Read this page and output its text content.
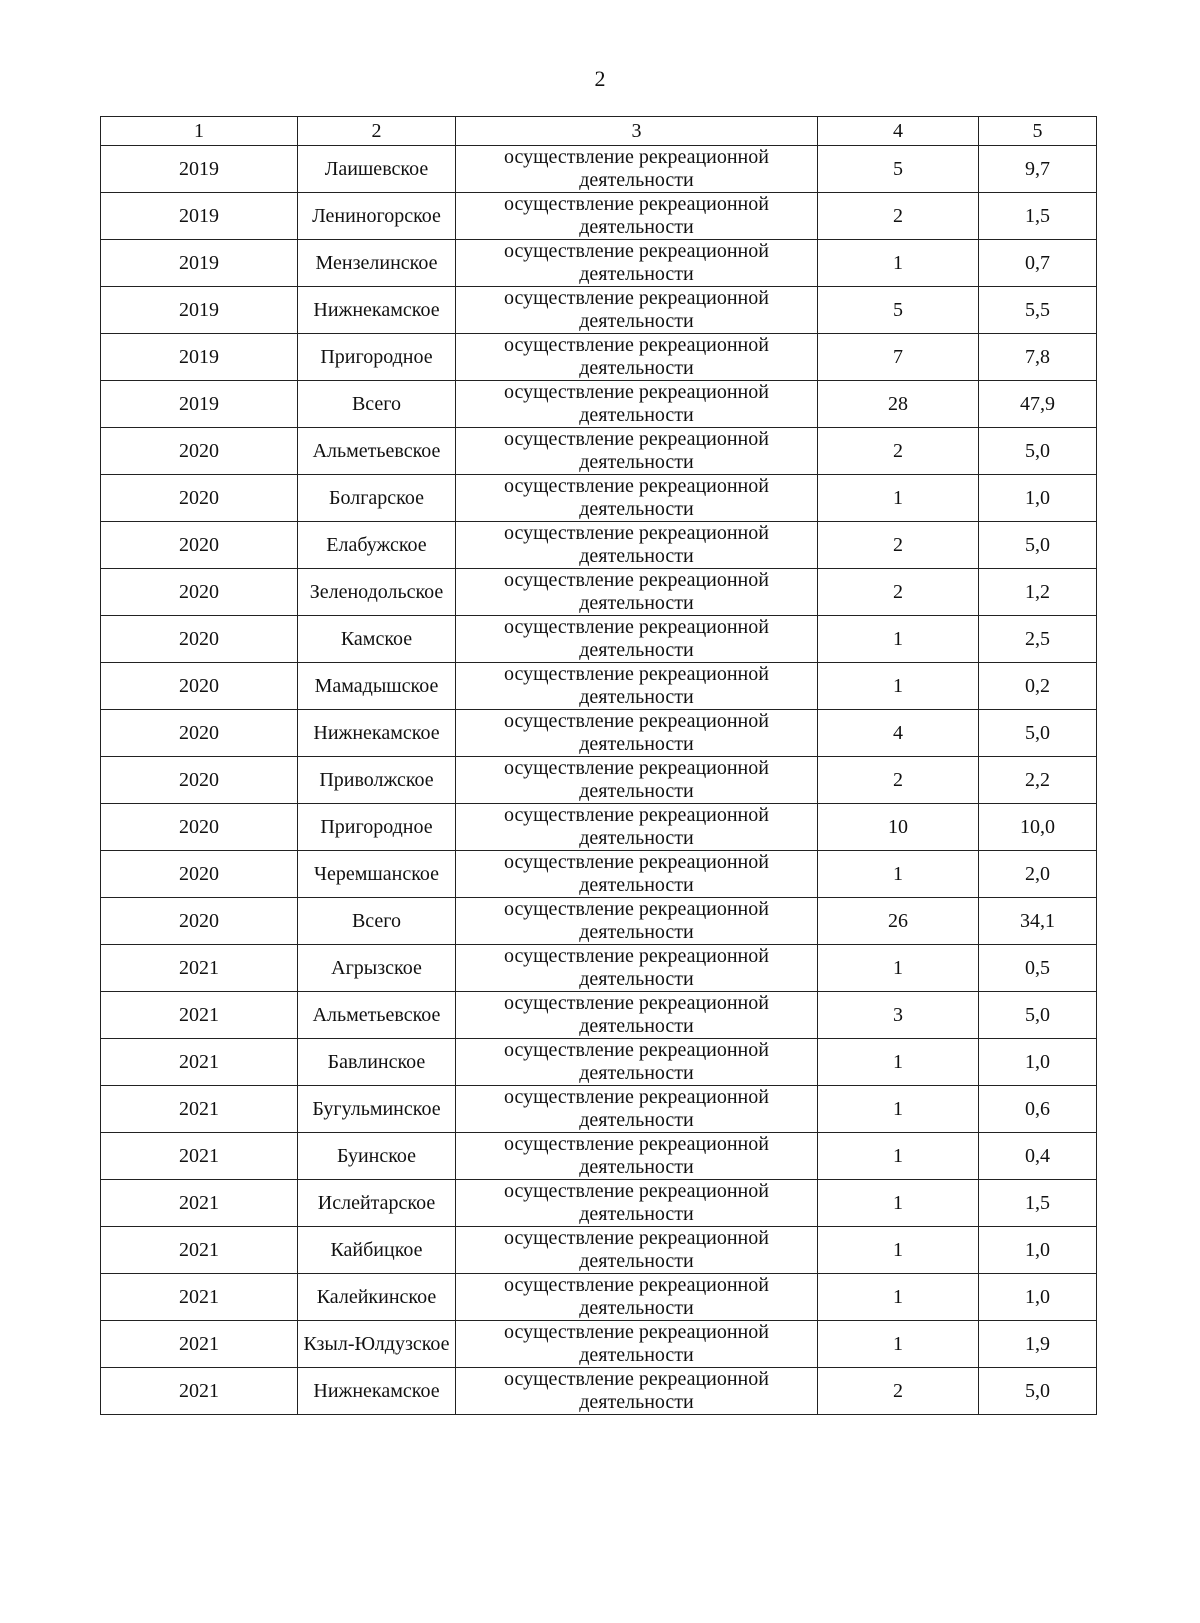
2
1	2	3	4	5
2019	Лаишевское	осуществление рекреационной деятельности	5	9,7
2019	Лениногорское	осуществление рекреационной деятельности	2	1,5
2019	Мензелинское	осуществление рекреационной деятельности	1	0,7
2019	Нижнекамское	осуществление рекреационной деятельности	5	5,5
2019	Пригородное	осуществление рекреационной деятельности	7	7,8
2019	Всего	осуществление рекреационной деятельности	28	47,9
2020	Альметьевское	осуществление рекреационной деятельности	2	5,0
2020	Болгарское	осуществление рекреационной деятельности	1	1,0
2020	Елабужское	осуществление рекреационной деятельности	2	5,0
2020	Зеленодольское	осуществление рекреационной деятельности	2	1,2
2020	Камское	осуществление рекреационной деятельности	1	2,5
2020	Мамадышское	осуществление рекреационной деятельности	1	0,2
2020	Нижнекамское	осуществление рекреационной деятельности	4	5,0
2020	Приволжское	осуществление рекреационной деятельности	2	2,2
2020	Пригородное	осуществление рекреационной деятельности	10	10,0
2020	Черемшанское	осуществление рекреационной деятельности	1	2,0
2020	Всего	осуществление рекреационной деятельности	26	34,1
2021	Агрызское	осуществление рекреационной деятельности	1	0,5
2021	Альметьевское	осуществление рекреационной деятельности	3	5,0
2021	Бавлинское	осуществление рекреационной деятельности	1	1,0
2021	Бугульминское	осуществление рекреационной деятельности	1	0,6
2021	Буинское	осуществление рекреационной деятельности	1	0,4
2021	Ислейтарское	осуществление рекреационной деятельности	1	1,5
2021	Кайбицкое	осуществление рекреационной деятельности	1	1,0
2021	Калейкинское	осуществление рекреационной деятельности	1	1,0
2021	Кзыл-Юлдузское	осуществление рекреационной деятельности	1	1,9
2021	Нижнекамское	осуществление рекреационной деятельности	2	5,0
